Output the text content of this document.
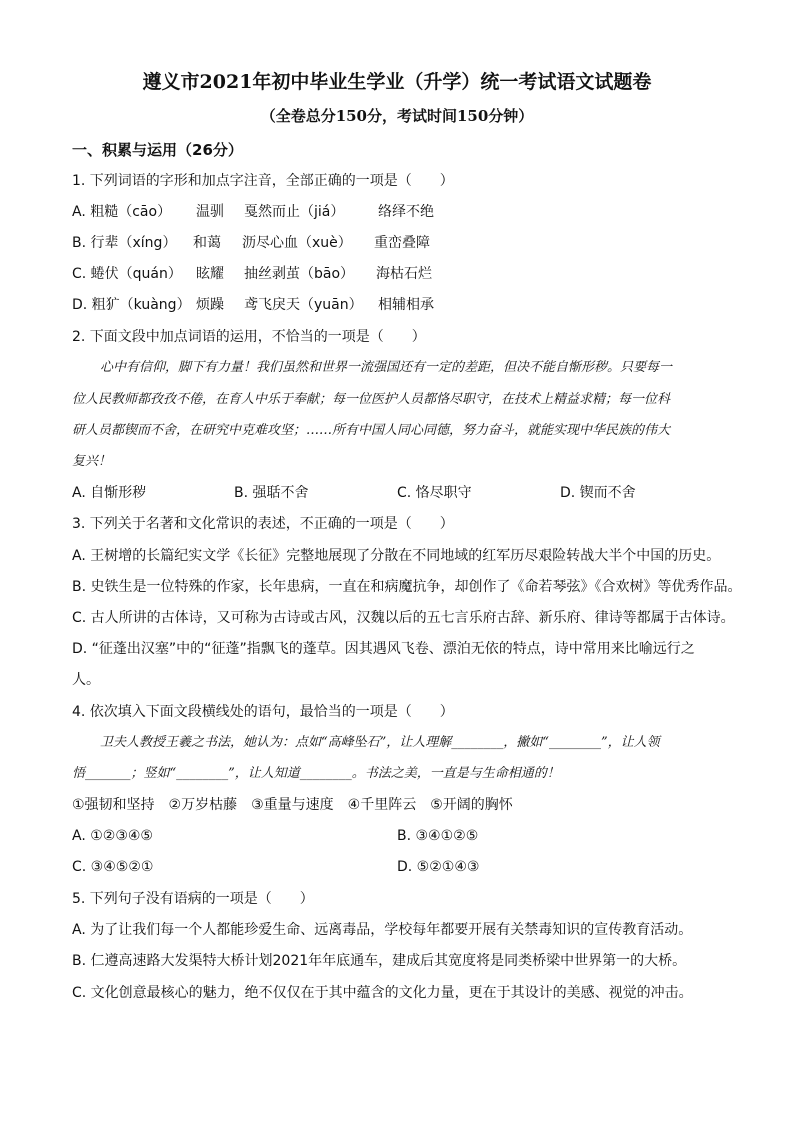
遵义市2021年初中毕业生学业（升学）统一考试语文试题卷
（全卷总分150分，考试时间150分钟）
一、积累与运用（26分）
1. 下列词语的字形和加点字注音，全部正确的一项是（　　）
A. 粗糙（cāo） 温驯 戛然而止（jiá） 络绎不绝
B. 行辈（xíng） 和蔼 沥尽心血（xuè） 重峦叠障
C. 蜷伏（quán） 眩耀 抽丝剥茧（bāo） 海枯石烂
D. 粗犷（kuàng） 烦躁 鸢飞戾天（yuān） 相辅相承
2. 下面文段中加点词语的运用，不恰当的一项是（　　）
心中有信仰，脚下有力量！我们虽然和世界一流强国还有一定的差距，但决不能自惭形秽。只要每一
位人民教师都孜孜不倦，在育人中乐于奉献；每一位医护人员都恪尽职守，在技术上精益求精；每一位科
研人员都锲而不舍，在研究中克难攻坚；……所有中国人同心同德，努力奋斗，就能实现中华民族的伟大
复兴！
A. 自惭形秽	B. 强聒不舍	C. 恪尽职守	D. 锲而不舍
3. 下列关于名著和文化常识的表述，不正确的一项是（　　）
A. 王树增的长篇纪实文学《长征》完整地展现了分散在不同地域的红军历尽艰险转战大半个中国的历史。
B. 史铁生是一位特殊的作家，长年患病，一直在和病魔抗争，却创作了《命若琴弦》《合欢树》等优秀作品。
C. 古人所讲的古体诗，又可称为古诗或古风，汉魏以后的五七言乐府古辞、新乐府、律诗等都属于古体诗。
D. “征蓬出汉塞”中的“征蓬”指飘飞的蓬草。因其遇风飞卷、漂泊无依的特点，诗中常用来比喻远行之
人。
4. 依次填入下面文段横线处的语句，最恰当的一项是（　　）
卫夫人教授王羲之书法，她认为：点如“高峰坠石”，让人理解________，撇如“________”，让人领
悟_______；竖如“________”，让人知道________。书法之美，一直是与生命相通的！
①强韧和坚持　②万岁枯藤　③重量与速度　④千里阵云　⑤开阔的胸怀
A. ①②③④⑤	B. ③④①②⑤
C. ③④⑤②①	D. ⑤②①④③
5. 下列句子没有语病的一项是（　　）
A. 为了让我们每一个人都能珍爱生命、远离毒品，学校每年都要开展有关禁毒知识的宣传教育活动。
B. 仁遵高速路大发渠特大桥计划2021年年底通车，建成后其宽度将是同类桥梁中世界第一的大桥。
C. 文化创意最核心的魅力，绝不仅仅在于其中蕴含的文化力量，更在于其设计的美感、视觉的冲击。
